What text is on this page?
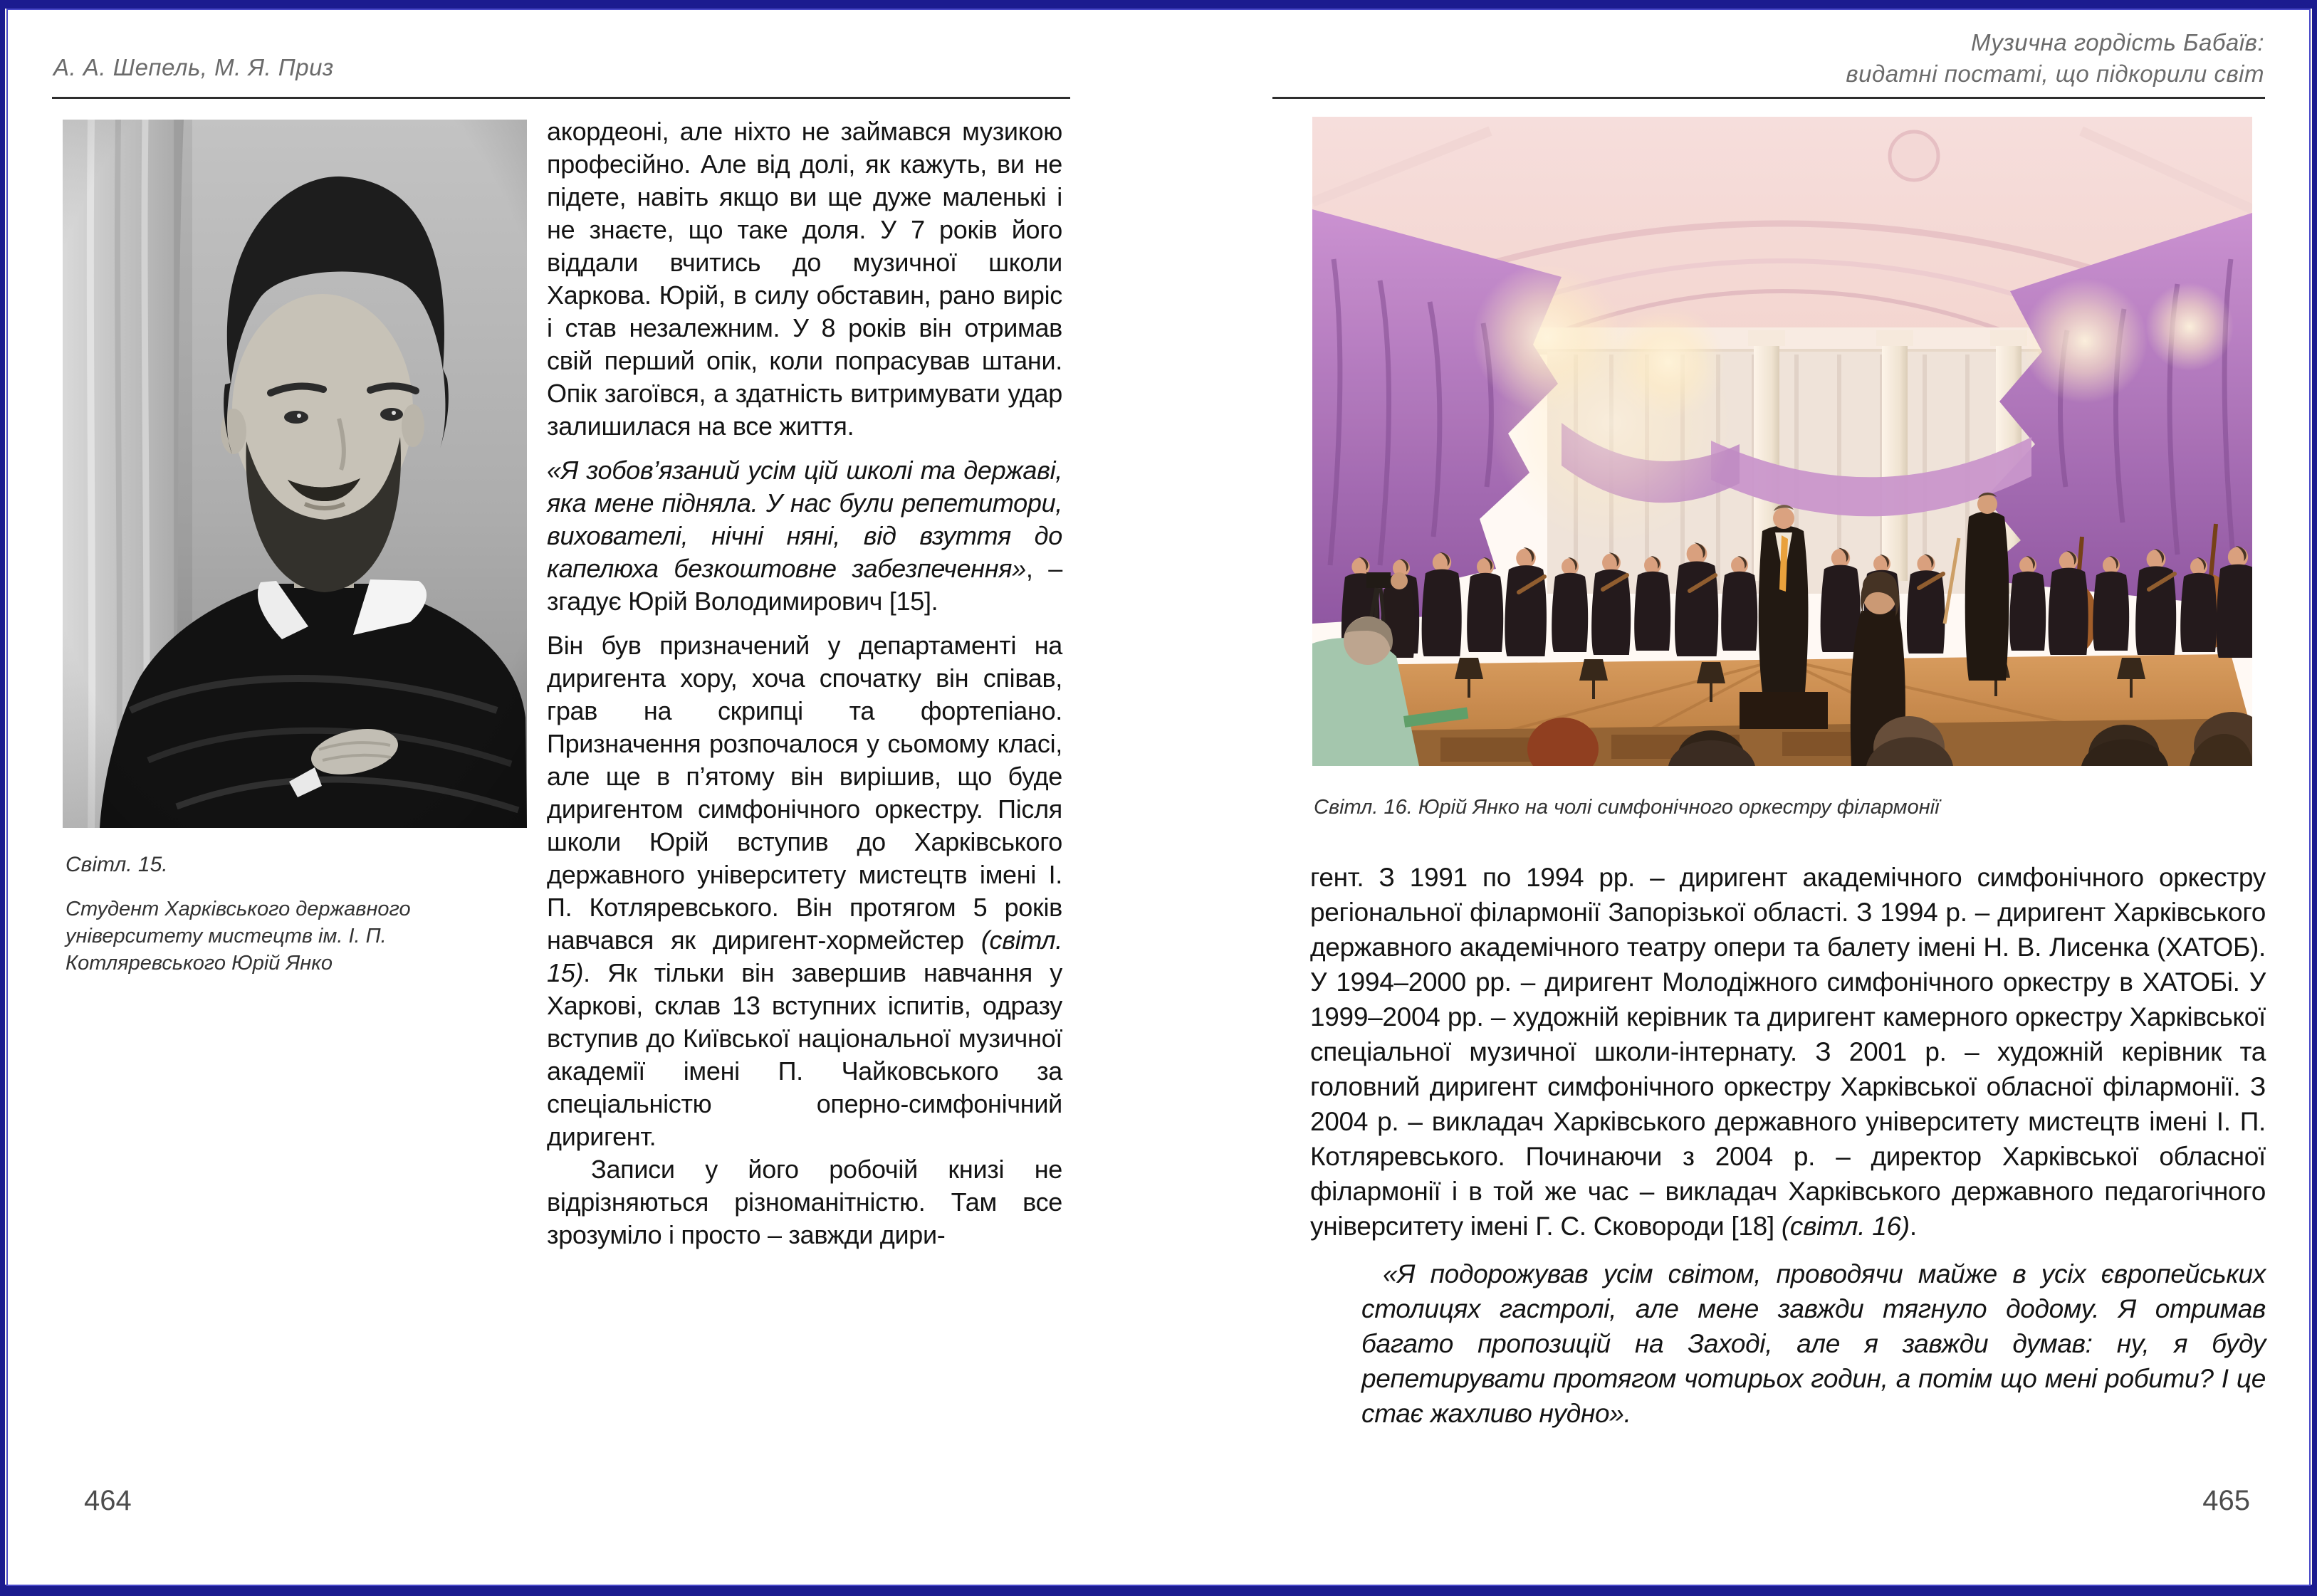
А. А. Шепель, М. Я. Приз
Світл. 15.
Студент Харківського державного університету мистецтв ім. І. П. Котляревського Юрій Янко

акордеоні, але ніхто не займався музикою професійно. Але від долі, як кажуть, ви не підете, навіть якщо ви ще дуже маленькі і не знаєте, що таке доля. У 7 років його віддали вчитись до музичної школи Харкова. Юрій, в силу обставин, рано виріс і став незалежним. У 8 років він отримав свій перший опік, коли попрасував штани. Опік загоївся, а здатність витримувати удар залишилася на все життя.

«Я зобов’язаний усім цій школі та державі, яка мене підняла. У нас були репетитори, вихователі, нічні няні, від взуття до капелюха безкоштовне забезпечення», – згадує Юрій Володимирович [15].

Він був призначений у департаменті на диригента хору, хоча спочатку він співав, грав на скрипці та фортепіано. Призначення розпочалося у сьомому класі, але ще в п’ятому він вирішив, що буде диригентом симфонічного оркестру. Після школи Юрій вступив до Харківського державного університету мистецтв імені І. П. Котляревського. Він протягом 5 років навчався як диригент-хормейстер (світл. 15). Як тільки він завершив навчання у Харкові, склав 13 вступних іспитів, одразу вступив до Київської національної музичної академії імені П. Чайковського за спеціальністю оперно-симфонічний диригент.

Записи у його робочій книзі не відрізняються різноманітністю. Там все зрозуміло і просто – завжди дири-

464
Музична гордість Бабаїв:
видатні постаті, що підкорили світ
Світл. 16. Юрій Янко на чолі симфонічного оркестру філармонії

гент. З 1991 по 1994 рр. – диригент академічного симфонічного оркестру регіональної філармонії Запорізької області. З 1994 р. – диригент Харківського державного академічного театру опери та балету імені Н. В. Лисенка (ХАТОБ). У 1994–2000 рр. – диригент Молодіжного симфонічного оркестру в ХАТОБі. У 1999–2004 рр. – художній керівник та диригент камерного оркестру Харківської спеціальної музичної школи-інтернату. З 2001 р. – художній керівник та головний диригент симфонічного оркестру Харківської обласної філармонії. З 2004 р. – викладач Харківського державного університету мистецтв імені І. П. Котляревського. Починаючи з 2004 р. – директор Харківської обласної філармонії і в той же час – викладач Харківського державного педагогічного університету імені Г. С. Сковороди [18] (світл. 16).

«Я подорожував усім світом, проводячи майже в усіх європейських столицях гастролі, але мене завжди тягнуло додому. Я отримав багато пропозицій на Заході, але я завжди думав: ну, я буду репетирувати протягом чотирьох годин, а потім що мені робити? І це стає жахливо нудно».

465
